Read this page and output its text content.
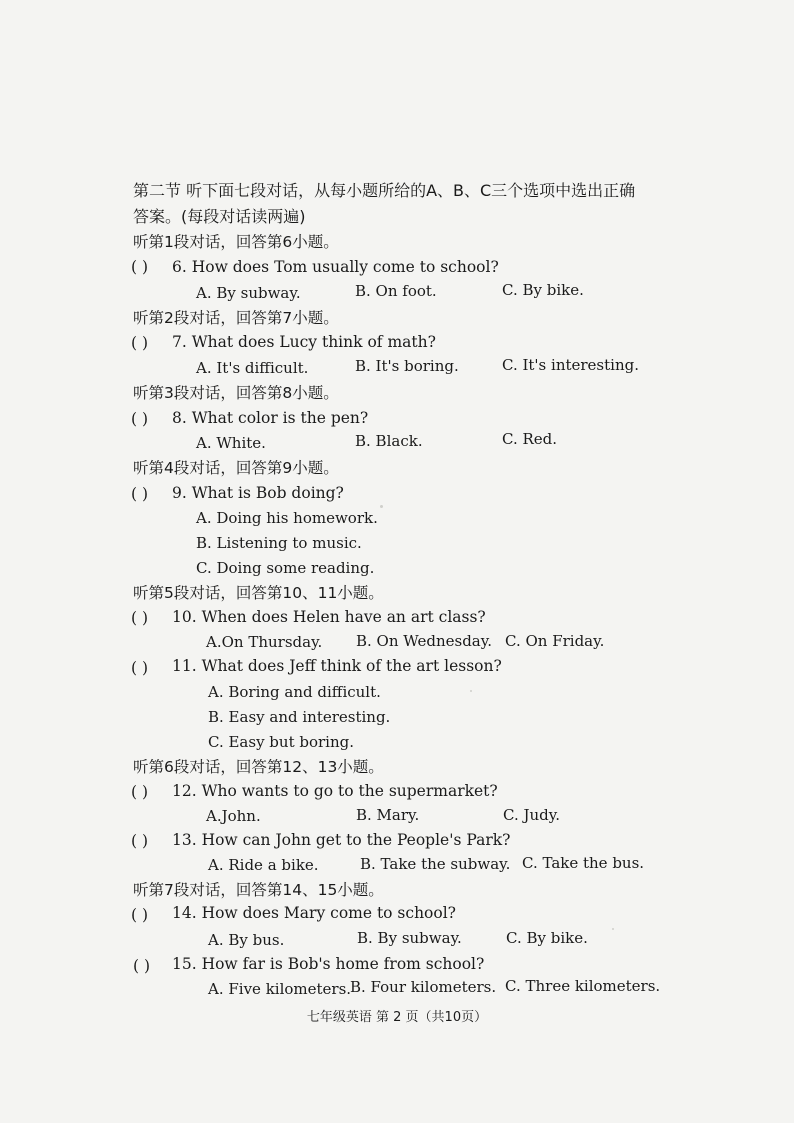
第二节 听下面七段对话，从每小题所给的A、B、C三个选项中选出正确
答案。(每段对话读两遍)
听第1段对话，回答第6小题。
( ) 6. How does Tom usually come to school?
A. By subway.	B. On foot.	C. By bike.
听第2段对话，回答第7小题。
( ) 7. What does Lucy think of math?
A. It's difficult.	B. It's boring.	C. It's interesting.
听第3段对话，回答第8小题。
( ) 8. What color is the pen?
A. White.	B. Black.	C. Red.
听第4段对话，回答第9小题。
( ) 9. What is Bob doing?
A. Doing his homework.
B. Listening to music.
C. Doing some reading.
听第5段对话，回答第10、11小题。
( ) 10. When does Helen have an art class?
A.On Thursday. B. On Wednesday. C. On Friday.
( ) 11. What does Jeff think of the art lesson?
A. Boring and difficult.
B. Easy and interesting.
C. Easy but boring.
听第6段对话，回答第12、13小题。
( ) 12. Who wants to go to the supermarket?
A.John.	B. Mary.	C. Judy.
( ) 13. How can John get to the People's Park?
A. Ride a bike.	B. Take the subway. C. Take the bus.
听第7段对话，回答第14、15小题。
( ) 14. How does Mary come to school?
A. By bus.	B. By subway.	C. By bike.
( ) 15. How far is Bob's home from school?
A. Five kilometers.
B. Four kilometers. C. Three kilometers.
七年级英语 第 2 页（共10页）
